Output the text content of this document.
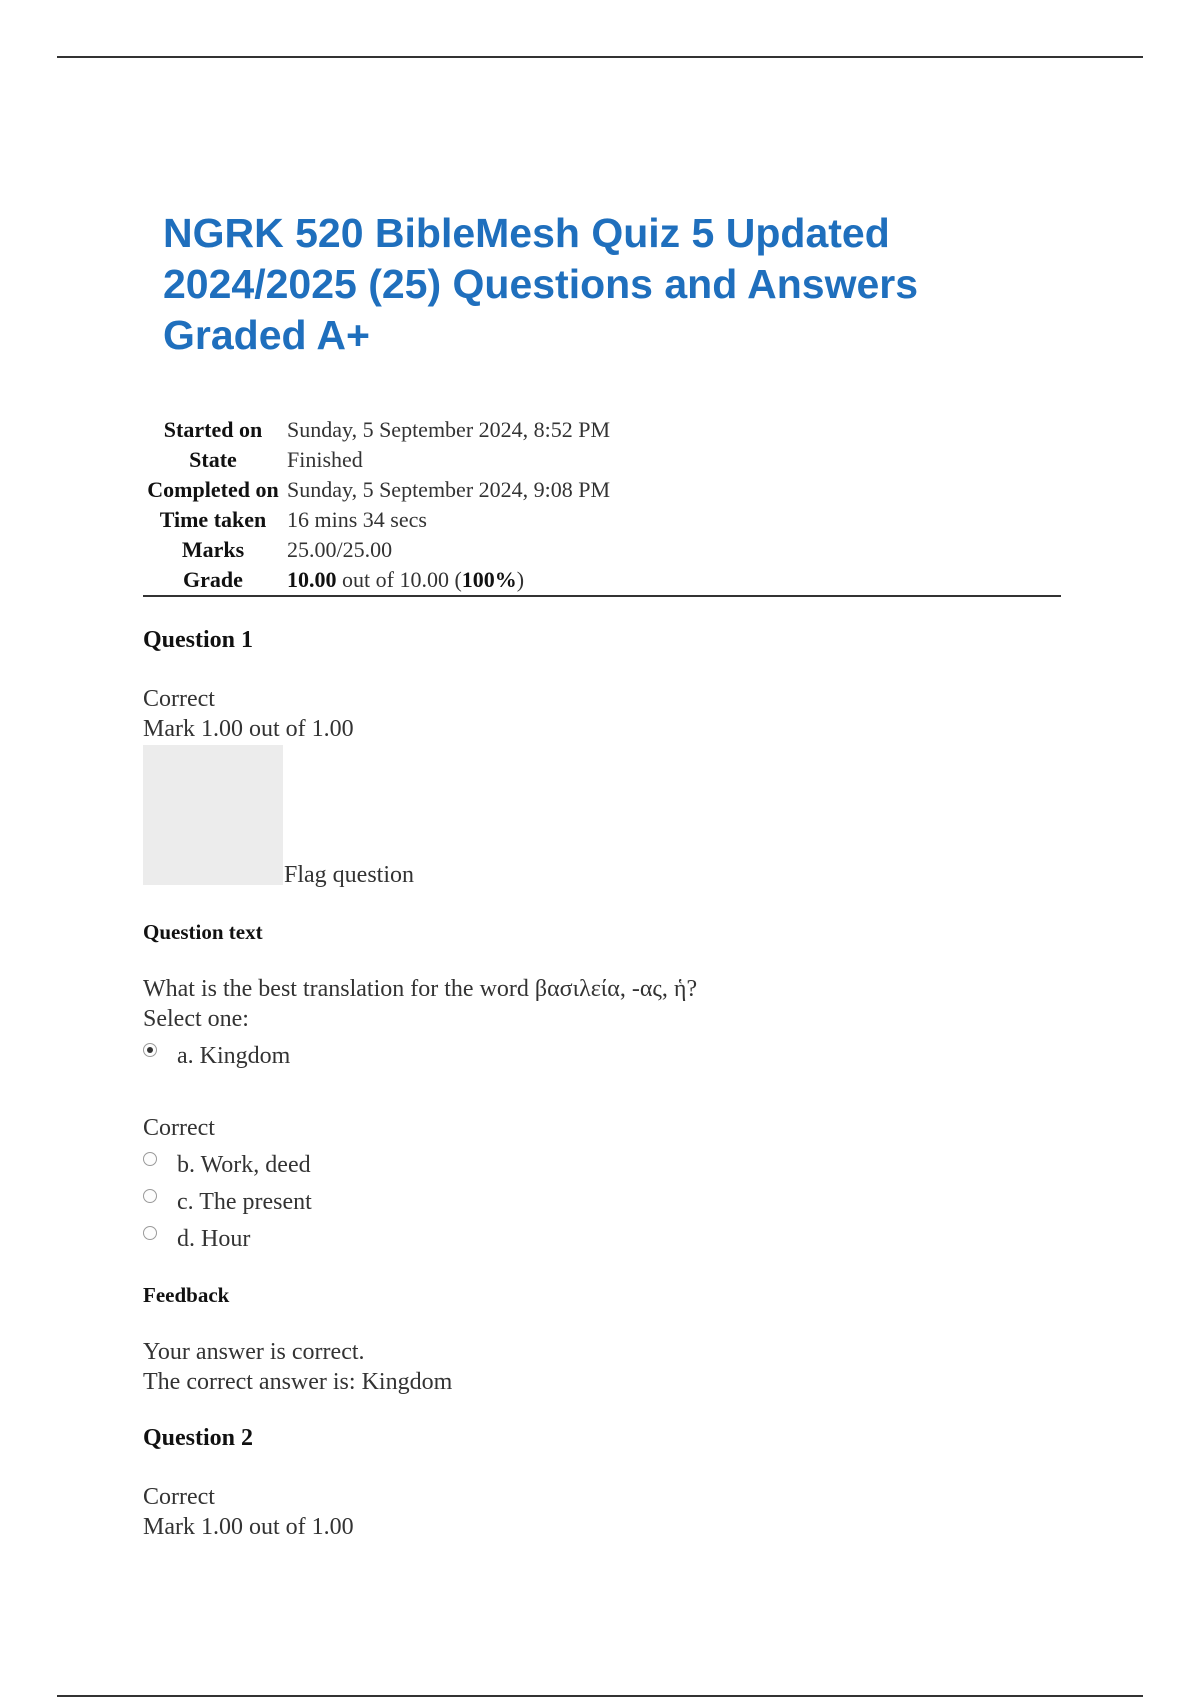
NGRK 520 BibleMesh Quiz 5 Updated
2024/2025 (25) Questions and Answers
Graded A+
Started on	Sunday, 5 September 2024, 8:52 PM
State	Finished
Completed on	Sunday, 5 September 2024, 9:08 PM
Time taken	16 mins 34 secs
Marks	25.00/25.00
Grade	10.00 out of 10.00 (100%)
Question 1
Correct
Mark 1.00 out of 1.00
Flag question
Question text
What is the best translation for the word βασιλεία, -ας, ἡ?
Select one:
a. Kingdom
Correct
b. Work, deed
c. The present
d. Hour
Feedback
Your answer is correct.
The correct answer is: Kingdom
Question 2
Correct
Mark 1.00 out of 1.00
